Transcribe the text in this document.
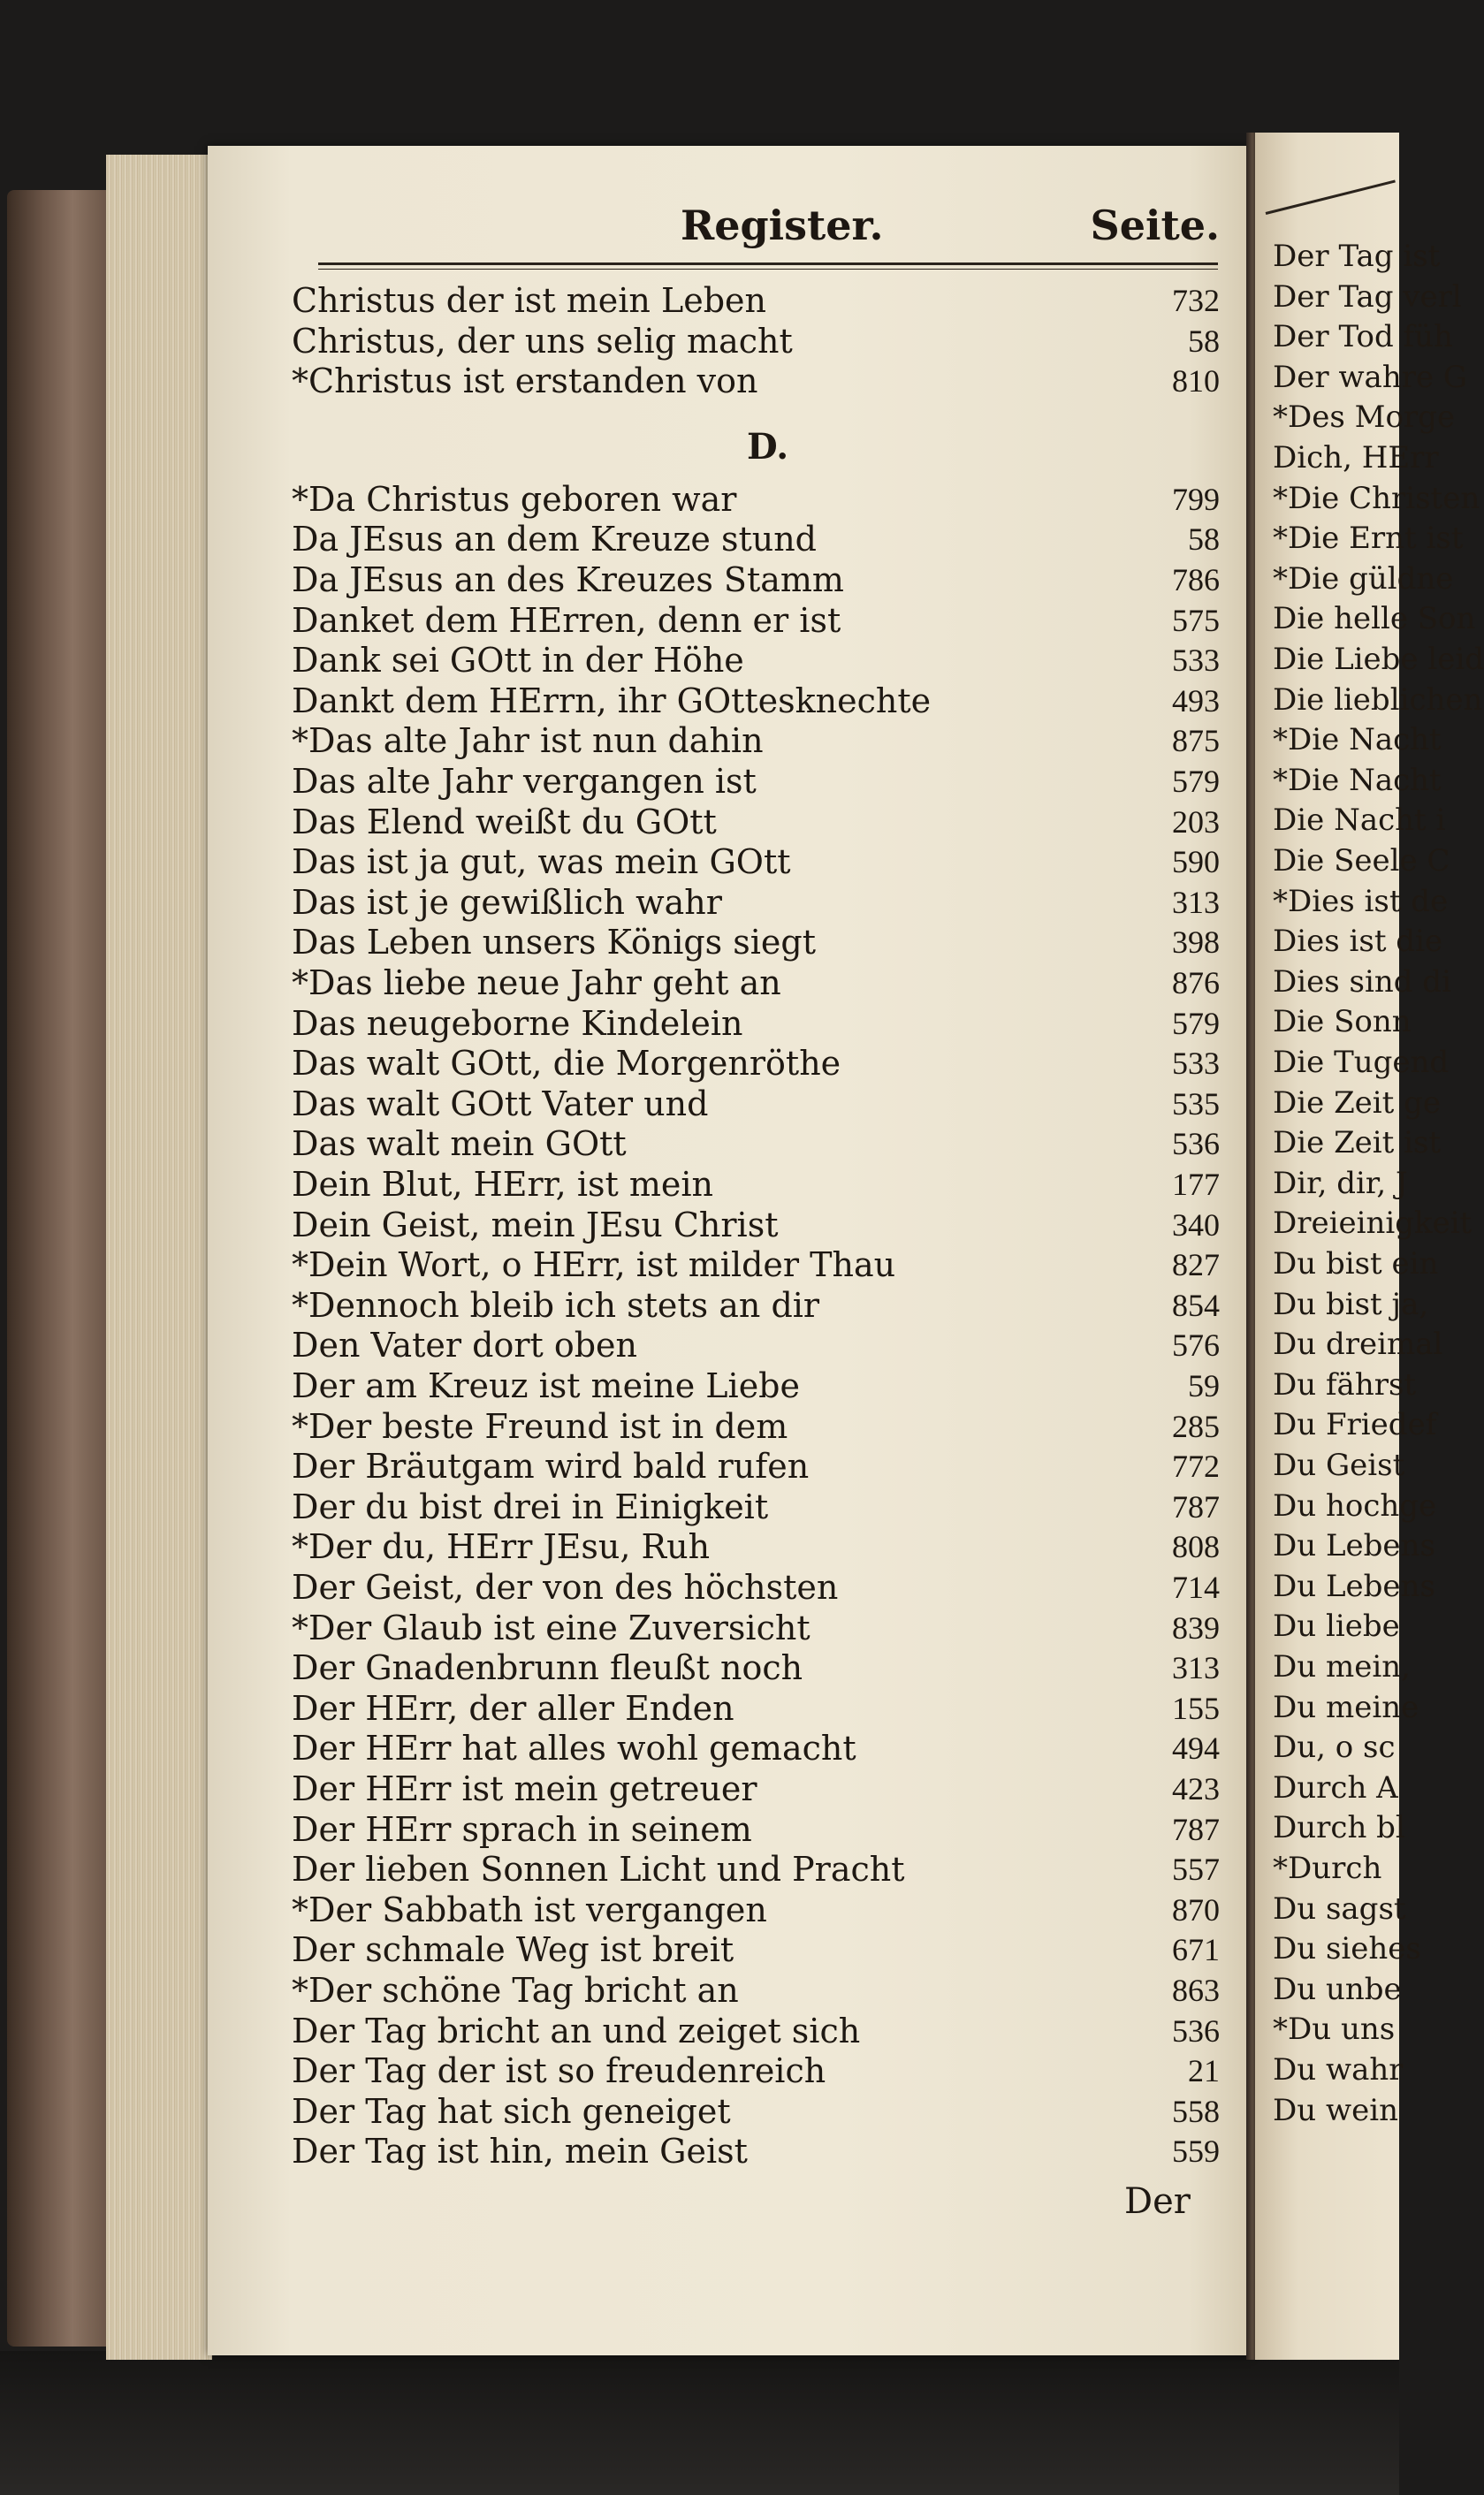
Register.	Seite.
Christus der ist mein Leben	732
Christus, der uns selig macht	58
*Christus ist erstanden von	810
*Da Christus geboren war	799
Da JEsus an dem Kreuze stund	58
Da JEsus an des Kreuzes Stamm	786
Danket dem HErren, denn er ist	575
Dank sei GOtt in der Höhe	533
Dankt dem HErrn, ihr GOttesknechte	493
*Das alte Jahr ist nun dahin	875
Das alte Jahr vergangen ist	579
Das Elend weißt du GOtt	203
Das ist ja gut, was mein GOtt	590
Das ist je gewißlich wahr	313
Das Leben unsers Königs siegt	398
*Das liebe neue Jahr geht an	876
Das neugeborne Kindelein	579
Das walt GOtt, die Morgenröthe	533
Das walt GOtt Vater und	535
Das walt mein GOtt	536
Dein Blut, HErr, ist mein	177
Dein Geist, mein JEsu Christ	340
*Dein Wort, o HErr, ist milder Thau	827
*Dennoch bleib ich stets an dir	854
Den Vater dort oben	576
Der am Kreuz ist meine Liebe	59
*Der beste Freund ist in dem	285
Der Bräutgam wird bald rufen	772
Der du bist drei in Einigkeit	787
*Der du, HErr JEsu, Ruh	808
Der Geist, der von des höchsten	714
*Der Glaub ist eine Zuversicht	839
Der Gnadenbrunn fleußt noch	313
Der HErr, der aller Enden	155
Der HErr hat alles wohl gemacht	494
Der HErr ist mein getreuer	423
Der HErr sprach in seinem	787
Der lieben Sonnen Licht und Pracht	557
*Der Sabbath ist vergangen	870
Der schmale Weg ist breit	671
*Der schöne Tag bricht an	863
Der Tag bricht an und zeiget sich	536
Der Tag der ist so freudenreich	21
Der Tag hat sich geneiget	558
Der Tag ist hin, mein Geist	559
D.
Der
Der Tag ist
Der Tag verl
Der Tod füh
Der wahre G
*Des Morge
Dich, HErr
*Die Christen
*Die Ernt ist
*Die güldne
Die helle Son
Die Liebe leid
Die lieblichen
*Die Nacht
*Die Nacht
Die Nacht i
Die Seele C
*Dies ist de
Dies ist die
Dies sind di
Die Sonn
Die Tugend
Die Zeit ge
Die Zeit ist
Dir, dir, J
Dreieinigkeit
Du bist ein
Du bist ja,
Du dreimal
Du fährst
Du Friedef
Du Geist
Du hochge
Du Lebens
Du Lebens
Du liebe
Du mein,
Du meine
Du, o sc
Durch A
Durch bl
*Durch
Du sagst
Du siehes
Du unbe
*Du uns
Du wahr
Du wein
